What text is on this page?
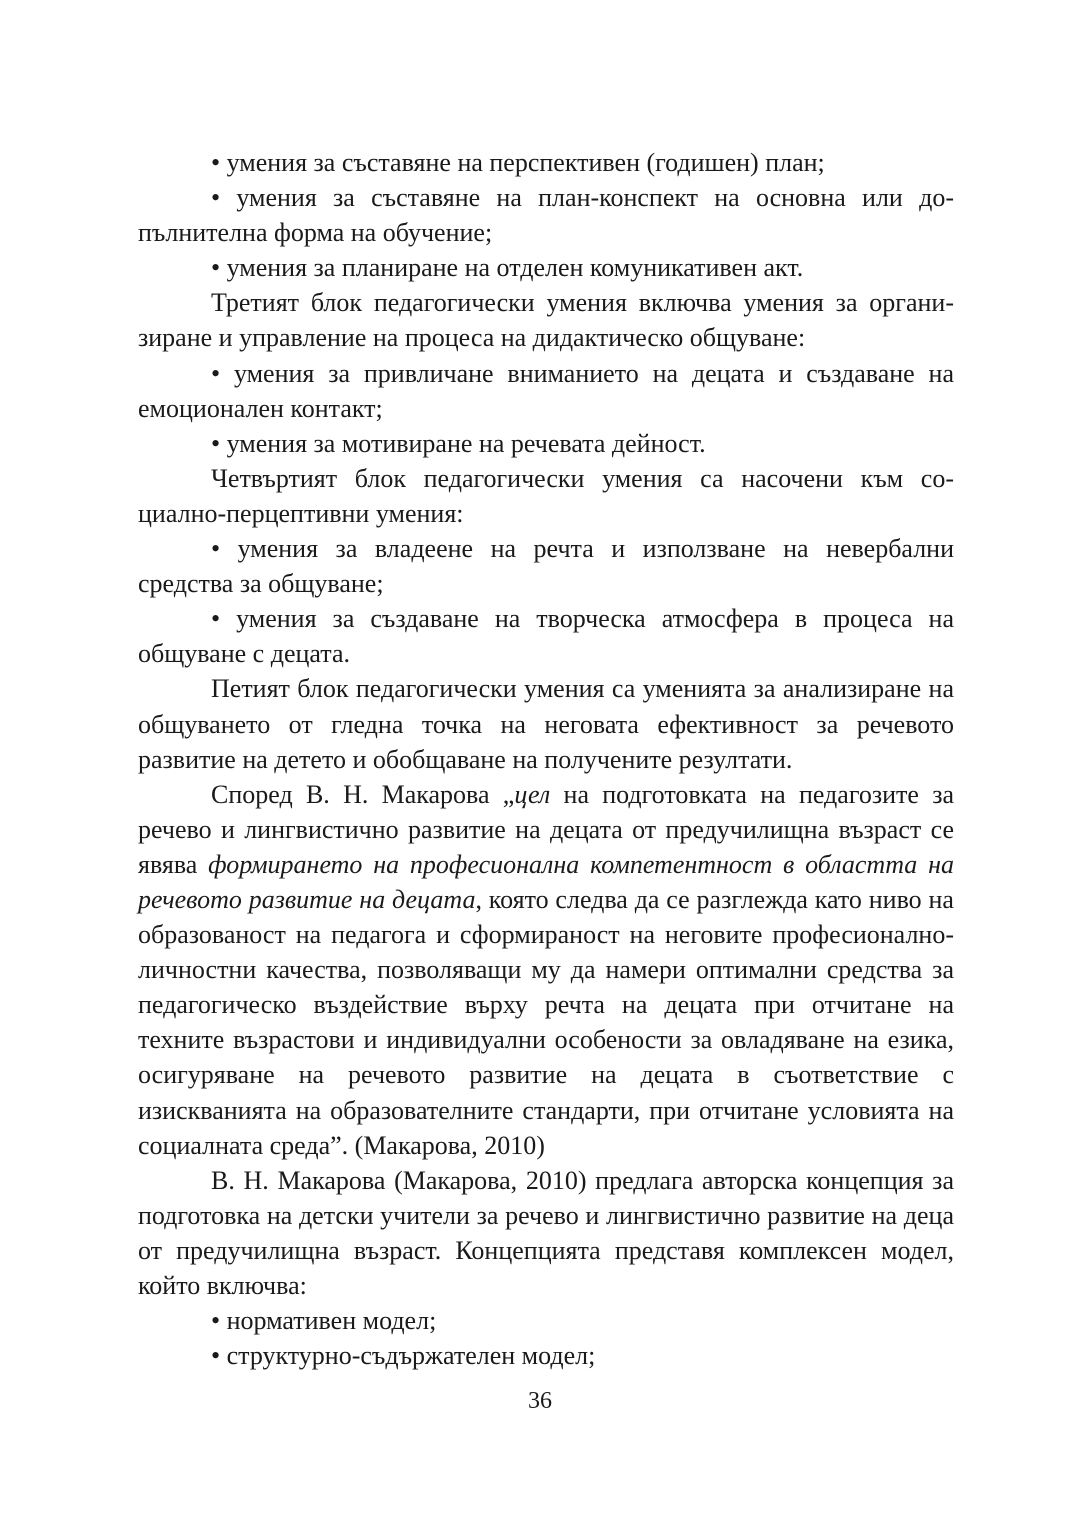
• умения за съставяне на перспективен (годишен) план;

• умения за съставяне на план-конспект на основна или допълнителна форма на обучение;

• умения за планиране на отделен комуникативен акт.

Третият блок педагогически умения включва умения за организиране и управление на процеса на дидактическо общуване:

• умения за привличане вниманието на децата и създаване на емоционален контакт;

• умения за мотивиране на речевата дейност.

Четвъртият блок педагогически умения са насочени към социално-перцептивни умения:

• умения за владеене на речта и използване на невербални средства за общуване;

• умения за създаване на творческа атмосфера в процеса на общуване с децата.

Петият блок педагогически умения са уменията за анализиране на общуването от гледна точка на неговата ефективност за речевото развитие на детето и обобщаване на получените резултати.

Според В. Н. Макарова „цел на подготовката на педагозите за речево и лингвистично развитие на децата от предучилищна възраст се явява формирането на професионална компетентност в областта на речевото развитие на децата, която следва да се разглежда като ниво на образованост на педагога и сформираност на неговите професионално-личностни качества, позволяващи му да намери оптимални средства за педагогическо въздействие върху речта на децата при отчитане на техните възрастови и индивидуални особености за овладяване на езика, осигуряване на речевото развитие на децата в съответствие с изискванията на образователните стандарти, при отчитане условията на социалната среда”. (Макарова, 2010)

В. Н. Макарова (Макарова, 2010) предлага авторска концепция за подготовка на детски учители за речево и лингвистично развитие на деца от предучилищна възраст. Концепцията представя комплексен модел, който включва:

• нормативен модел;

• структурно-съдържателен модел;

36
